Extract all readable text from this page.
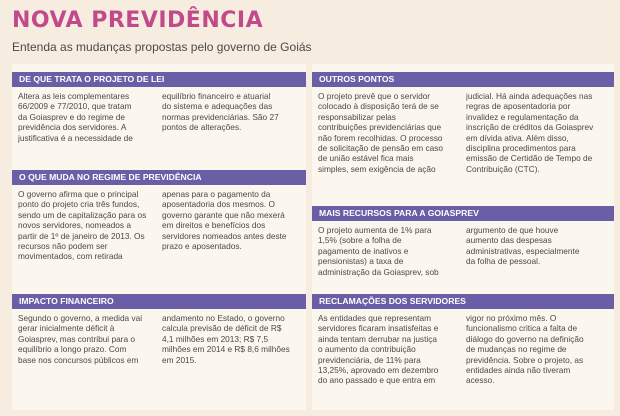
NOVA PREVIDÊNCIA
Entenda as mudanças propostas pelo governo de Goiás
DE QUE TRATA O PROJETO DE LEI
Altera as leis complementares
66/2009 e 77/2010, que tratam
da Goiasprev e do regime de
previdência dos servidores. A
justificativa é a necessidade de
equilíbrio financeiro e atuarial
do sistema e adequações das
normas previdenciárias. São 27
pontos de alterações.
O QUE MUDA NO REGIME DE PREVIDÊNCIA
O governo afirma que o principal
ponto do projeto cria três fundos,
sendo um de capitalização para os
novos servidores, nomeados a
partir de 1º de janeiro de 2013. Os
recursos não podem ser
movimentados, com retirada
apenas para o pagamento da
aposentadoria dos mesmos. O
governo garante que não mexerá
em direitos e benefícios dos
servidores nomeados antes deste
prazo e aposentados.
IMPACTO FINANCEIRO
Segundo o governo, a medida vai
gerar inicialmente déficit à
Goiasprev, mas contribui para o
equilíbrio a longo prazo. Com
base nos concursos públicos em
andamento no Estado, o governo
calcula previsão de déficit de R$
4,1 milhões em 2013; R$ 7,5
milhões em 2014 e R$ 8,6 milhões
em 2015.
OUTROS PONTOS
O projeto prevê que o servidor
colocado à disposição terá de se
responsabilizar pelas
contribuições previdenciárias que
não forem recolhidas. O processo
de solicitação de pensão em caso
de união estável fica mais
simples, sem exigência de ação
judicial. Há ainda adequações nas
regras de aposentadoria por
invalidez e regulamentação da
inscrição de créditos da Goiasprev
em dívida ativa. Além disso,
disciplina procedimentos para
emissão de Certidão de Tempo de
Contribuição (CTC).
MAIS RECURSOS PARA A GOIASPREV
O projeto aumenta de 1% para
1,5% (sobre a folha de
pagamento de inativos e
pensionistas) a taxa de
administração da Goiasprev, sob
argumento de que houve
aumento das despesas
administrativas, especialmente
da folha de pessoal.
RECLAMAÇÕES DOS SERVIDORES
As entidades que representam
servidores ficaram insatisfeitas e
ainda tentam derrubar na justiça
o aumento da contribuição
previdenciária, de 11% para
13,25%, aprovado em dezembro
do ano passado e que entra em
vigor no próximo mês. O
funcionalismo critica a falta de
diálogo do governo na definição
de mudanças no regime de
previdência. Sobre o projeto, as
entidades ainda não tiveram
acesso.
